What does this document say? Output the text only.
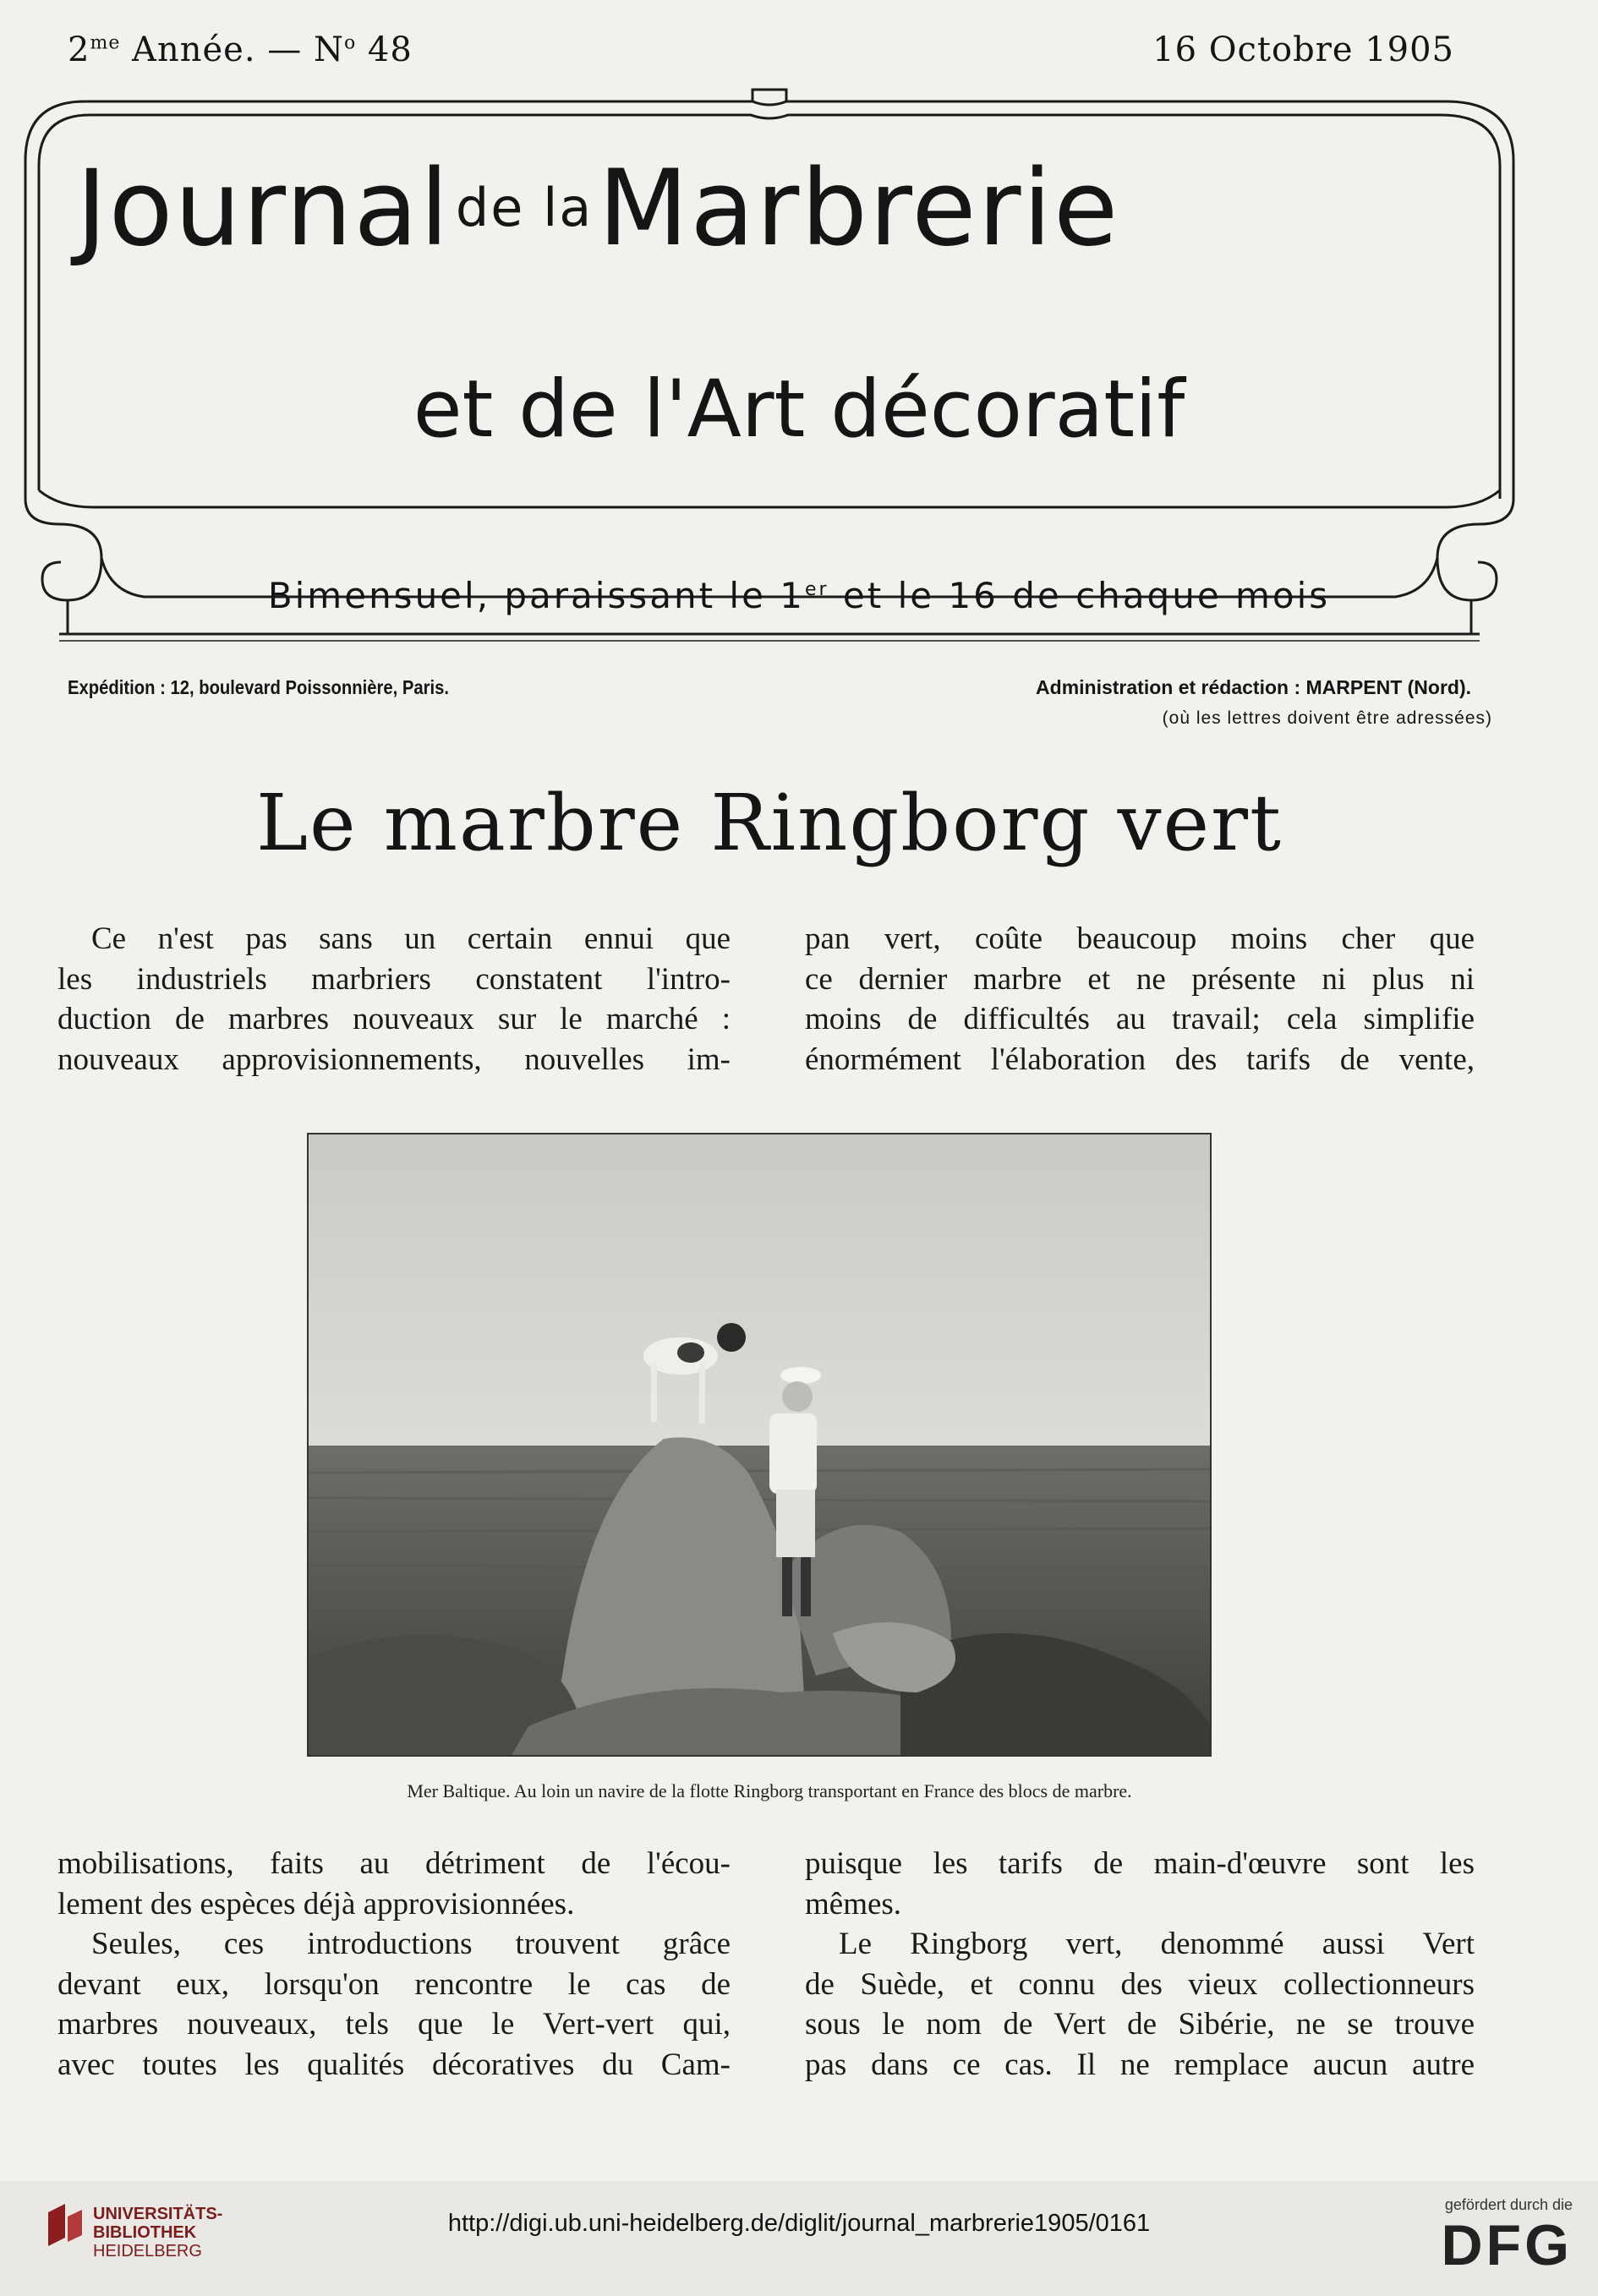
$2^{me}$ Année. — $N^o$ 48	16 Octobre 1905
Journalde laMarbrerie
et de l'Art décoratif
Bimensuel, paraissant le 1er et le 16 de chaque mois
Expédition : 12, boulevard Poissonnière, Paris.	Administration et rédaction : MARPENT (Nord).
(où les lettres doivent être adressées)
Le marbre Ringborg vert

Ce n'est pas sans un certain ennui que

les industriels marbriers constatent l'intro-

duction de marbres nouveaux sur le marché :

nouveaux approvisionnements, nouvelles im-

pan vert, coûte beaucoup moins cher que

ce dernier marbre et ne présente ni plus ni

moins de difficultés au travail; cela simplifie

énormément l'élaboration des tarifs de vente,

Mer Baltique. Au loin un navire de la flotte Ringborg transportant en France des blocs de marbre.

mobilisations, faits au détriment de l'écou-

lement des espèces déjà approvisionnées.

Seules, ces introductions trouvent grâce

devant eux, lorsqu'on rencontre le cas de

marbres nouveaux, tels que le Vert-vert qui,

avec toutes les qualités décoratives du Cam-

puisque les tarifs de main-d'œuvre sont les

mêmes.

Le Ringborg vert, denommé aussi Vert

de Suède, et connu des vieux collectionneurs

sous le nom de Vert de Sibérie, ne se trouve

pas dans ce cas. Il ne remplace aucun autre

UNIVERSITÄTS-
BIBLIOTHEK
HEIDELBERG
http://digi.ub.uni-heidelberg.de/diglit/journal_marbrerie1905/0161
gefördert durch die
DFG
